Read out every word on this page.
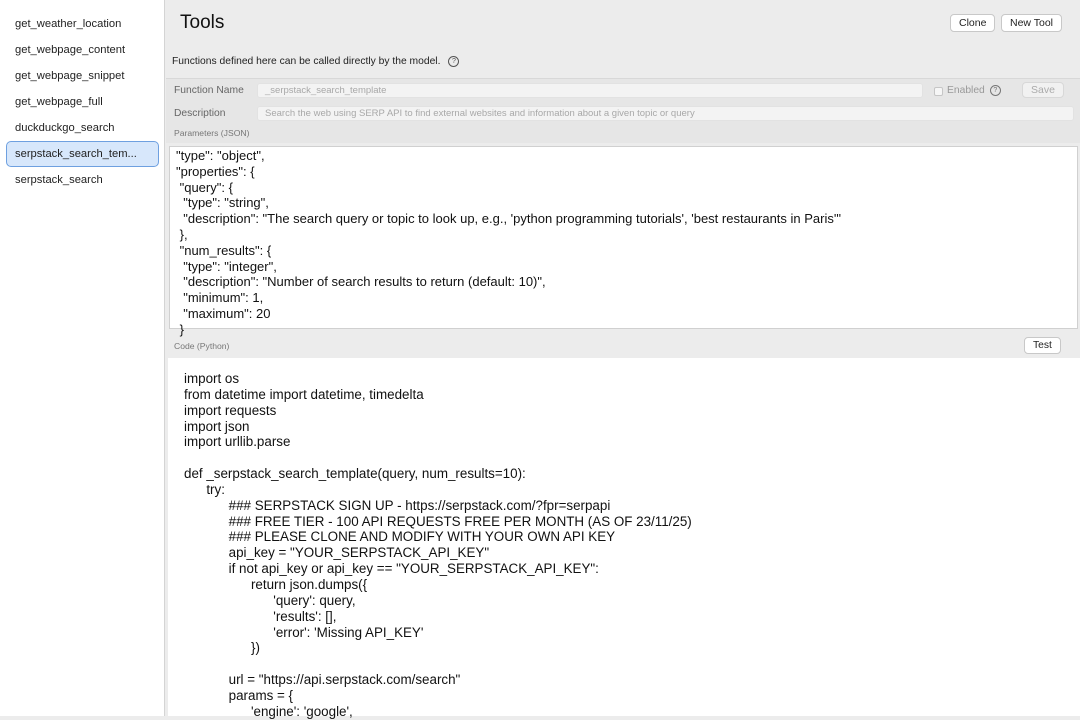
get_weather_location
get_webpage_content
get_webpage_snippet
get_webpage_full
duckduckgo_search
serpstack_search_tem...
serpstack_search
Tools	Clone	New Tool
Functions defined here can be called directly by the model. ?
Function Name	_serpstack_search_template	Enabled ?	Save
Description	Search the web using SERP API to find external websites and information about a given topic or query
Parameters (JSON)
"type": "object",
"properties": {
"query": {
"type": "string",
"description": "The search query or topic to look up, e.g., 'python programming tutorials', 'best restaurants in Paris'"
},
"num_results": {
"type": "integer",
"description": "Number of search results to return (default: 10)",
"minimum": 1,
"maximum": 20
}
Code (Python)	Test
import os
from datetime import datetime, timedelta
import requests
import json
import urllib.parse

def _serpstack_search_template(query, num_results=10):
try:
### SERPSTACK SIGN UP - https://serpstack.com/?fpr=serpapi
### FREE TIER - 100 API REQUESTS FREE PER MONTH (AS OF 23/11/25)
### PLEASE CLONE AND MODIFY WITH YOUR OWN API KEY
api_key = "YOUR_SERPSTACK_API_KEY"
if not api_key or api_key == "YOUR_SERPSTACK_API_KEY":
return json.dumps({
'query': query,
'results': [],
'error': 'Missing API_KEY'
})

url = "https://api.serpstack.com/search"
params = {
'engine': 'google',
